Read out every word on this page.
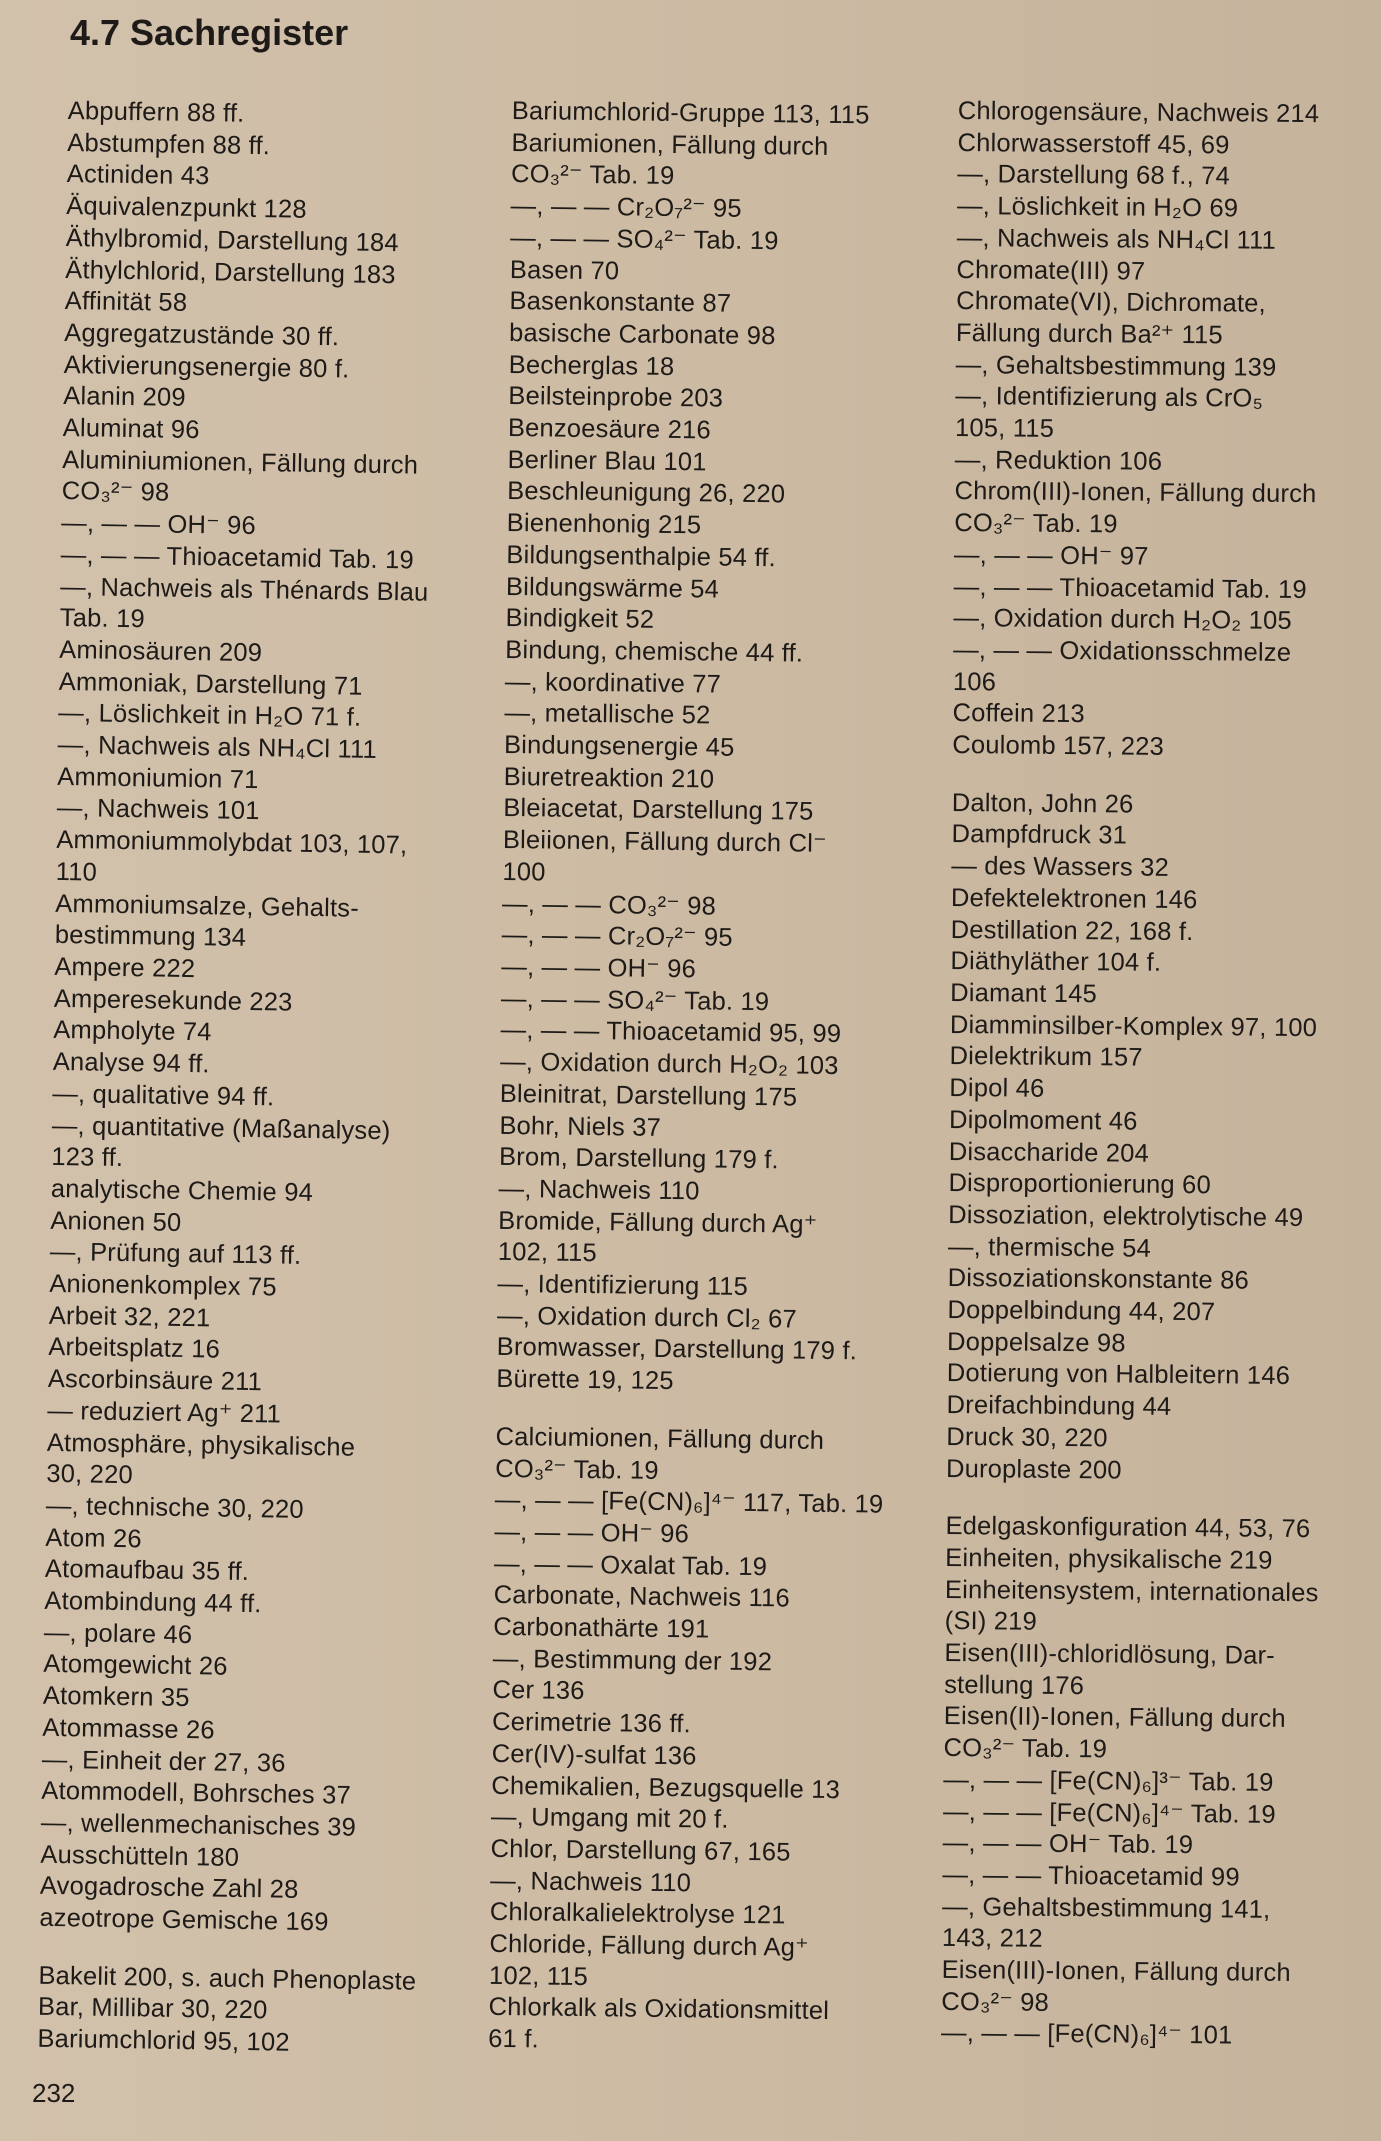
4.7 Sachregister
Abpuffern 88 ff.
Abstumpfen 88 ff.
Actiniden 43
Äquivalenzpunkt 128
Äthylbromid, Darstellung 184
Äthylchlorid, Darstellung 183
Affinität 58
Aggregatzustände 30 ff.
Aktivierungsenergie 80 f.
Alanin 209
Aluminat 96
Aluminiumionen, Fällung durch
CO₃²⁻ 98
—, — — OH⁻ 96
—, — — Thioacetamid Tab. 19
—, Nachweis als Thénards Blau
Tab. 19
Aminosäuren 209
Ammoniak, Darstellung 71
—, Löslichkeit in H₂O 71 f.
—, Nachweis als NH₄Cl 111
Ammoniumion 71
—, Nachweis 101
Ammoniummolybdat 103, 107,
110
Ammoniumsalze, Gehalts-
bestimmung 134
Ampere 222
Amperesekunde 223
Ampholyte 74
Analyse 94 ff.
—, qualitative 94 ff.
—, quantitative (Maßanalyse)
123 ff.
analytische Chemie 94
Anionen 50
—, Prüfung auf 113 ff.
Anionenkomplex 75
Arbeit 32, 221
Arbeitsplatz 16
Ascorbinsäure 211
— reduziert Ag⁺ 211
Atmosphäre, physikalische
30, 220
—, technische 30, 220
Atom 26
Atomaufbau 35 ff.
Atombindung 44 ff.
—, polare 46
Atomgewicht 26
Atomkern 35
Atommasse 26
—, Einheit der 27, 36
Atommodell, Bohrsches 37
—, wellenmechanisches 39
Ausschütteln 180
Avogadrosche Zahl 28
azeotrope Gemische 169
Bakelit 200, s. auch Phenoplaste
Bar, Millibar 30, 220
Bariumchlorid 95, 102
Bariumchlorid-Gruppe 113, 115
Bariumionen, Fällung durch
CO₃²⁻ Tab. 19
—, — — Cr₂O₇²⁻ 95
—, — — SO₄²⁻ Tab. 19
Basen 70
Basenkonstante 87
basische Carbonate 98
Becherglas 18
Beilsteinprobe 203
Benzoesäure 216
Berliner Blau 101
Beschleunigung 26, 220
Bienenhonig 215
Bildungsenthalpie 54 ff.
Bildungswärme 54
Bindigkeit 52
Bindung, chemische 44 ff.
—, koordinative 77
—, metallische 52
Bindungsenergie 45
Biuretreaktion 210
Bleiacetat, Darstellung 175
Bleiionen, Fällung durch Cl⁻
100
—, — — CO₃²⁻ 98
—, — — Cr₂O₇²⁻ 95
—, — — OH⁻ 96
—, — — SO₄²⁻ Tab. 19
—, — — Thioacetamid 95, 99
—, Oxidation durch H₂O₂ 103
Bleinitrat, Darstellung 175
Bohr, Niels 37
Brom, Darstellung 179 f.
—, Nachweis 110
Bromide, Fällung durch Ag⁺
102, 115
—, Identifizierung 115
—, Oxidation durch Cl₂ 67
Bromwasser, Darstellung 179 f.
Bürette 19, 125
Calciumionen, Fällung durch
CO₃²⁻ Tab. 19
—, — — [Fe(CN)₆]⁴⁻ 117, Tab. 19
—, — — OH⁻ 96
—, — — Oxalat Tab. 19
Carbonate, Nachweis 116
Carbonathärte 191
—, Bestimmung der 192
Cer 136
Cerimetrie 136 ff.
Cer(IV)-sulfat 136
Chemikalien, Bezugsquelle 13
—, Umgang mit 20 f.
Chlor, Darstellung 67, 165
—, Nachweis 110
Chloralkalielektrolyse 121
Chloride, Fällung durch Ag⁺
102, 115
Chlorkalk als Oxidationsmittel
61 f.
Chlorogensäure, Nachweis 214
Chlorwasserstoff 45, 69
—, Darstellung 68 f., 74
—, Löslichkeit in H₂O 69
—, Nachweis als NH₄Cl 111
Chromate(III) 97
Chromate(VI), Dichromate,
Fällung durch Ba²⁺ 115
—, Gehaltsbestimmung 139
—, Identifizierung als CrO₅
105, 115
—, Reduktion 106
Chrom(III)-Ionen, Fällung durch
CO₃²⁻ Tab. 19
—, — — OH⁻ 97
—, — — Thioacetamid Tab. 19
—, Oxidation durch H₂O₂ 105
—, — — Oxidationsschmelze
106
Coffein 213
Coulomb 157, 223
Dalton, John 26
Dampfdruck 31
— des Wassers 32
Defektelektronen 146
Destillation 22, 168 f.
Diäthyläther 104 f.
Diamant 145
Diamminsilber-Komplex 97, 100
Dielektrikum 157
Dipol 46
Dipolmoment 46
Disaccharide 204
Disproportionierung 60
Dissoziation, elektrolytische 49
—, thermische 54
Dissoziationskonstante 86
Doppelbindung 44, 207
Doppelsalze 98
Dotierung von Halbleitern 146
Dreifachbindung 44
Druck 30, 220
Duroplaste 200
Edelgaskonfiguration 44, 53, 76
Einheiten, physikalische 219
Einheitensystem, internationales
(SI) 219
Eisen(III)-chloridlösung, Dar-
stellung 176
Eisen(II)-Ionen, Fällung durch
CO₃²⁻ Tab. 19
—, — — [Fe(CN)₆]³⁻ Tab. 19
—, — — [Fe(CN)₆]⁴⁻ Tab. 19
—, — — OH⁻ Tab. 19
—, — — Thioacetamid 99
—, Gehaltsbestimmung 141,
143, 212
Eisen(III)-Ionen, Fällung durch
CO₃²⁻ 98
—, — — [Fe(CN)₆]⁴⁻ 101
232
